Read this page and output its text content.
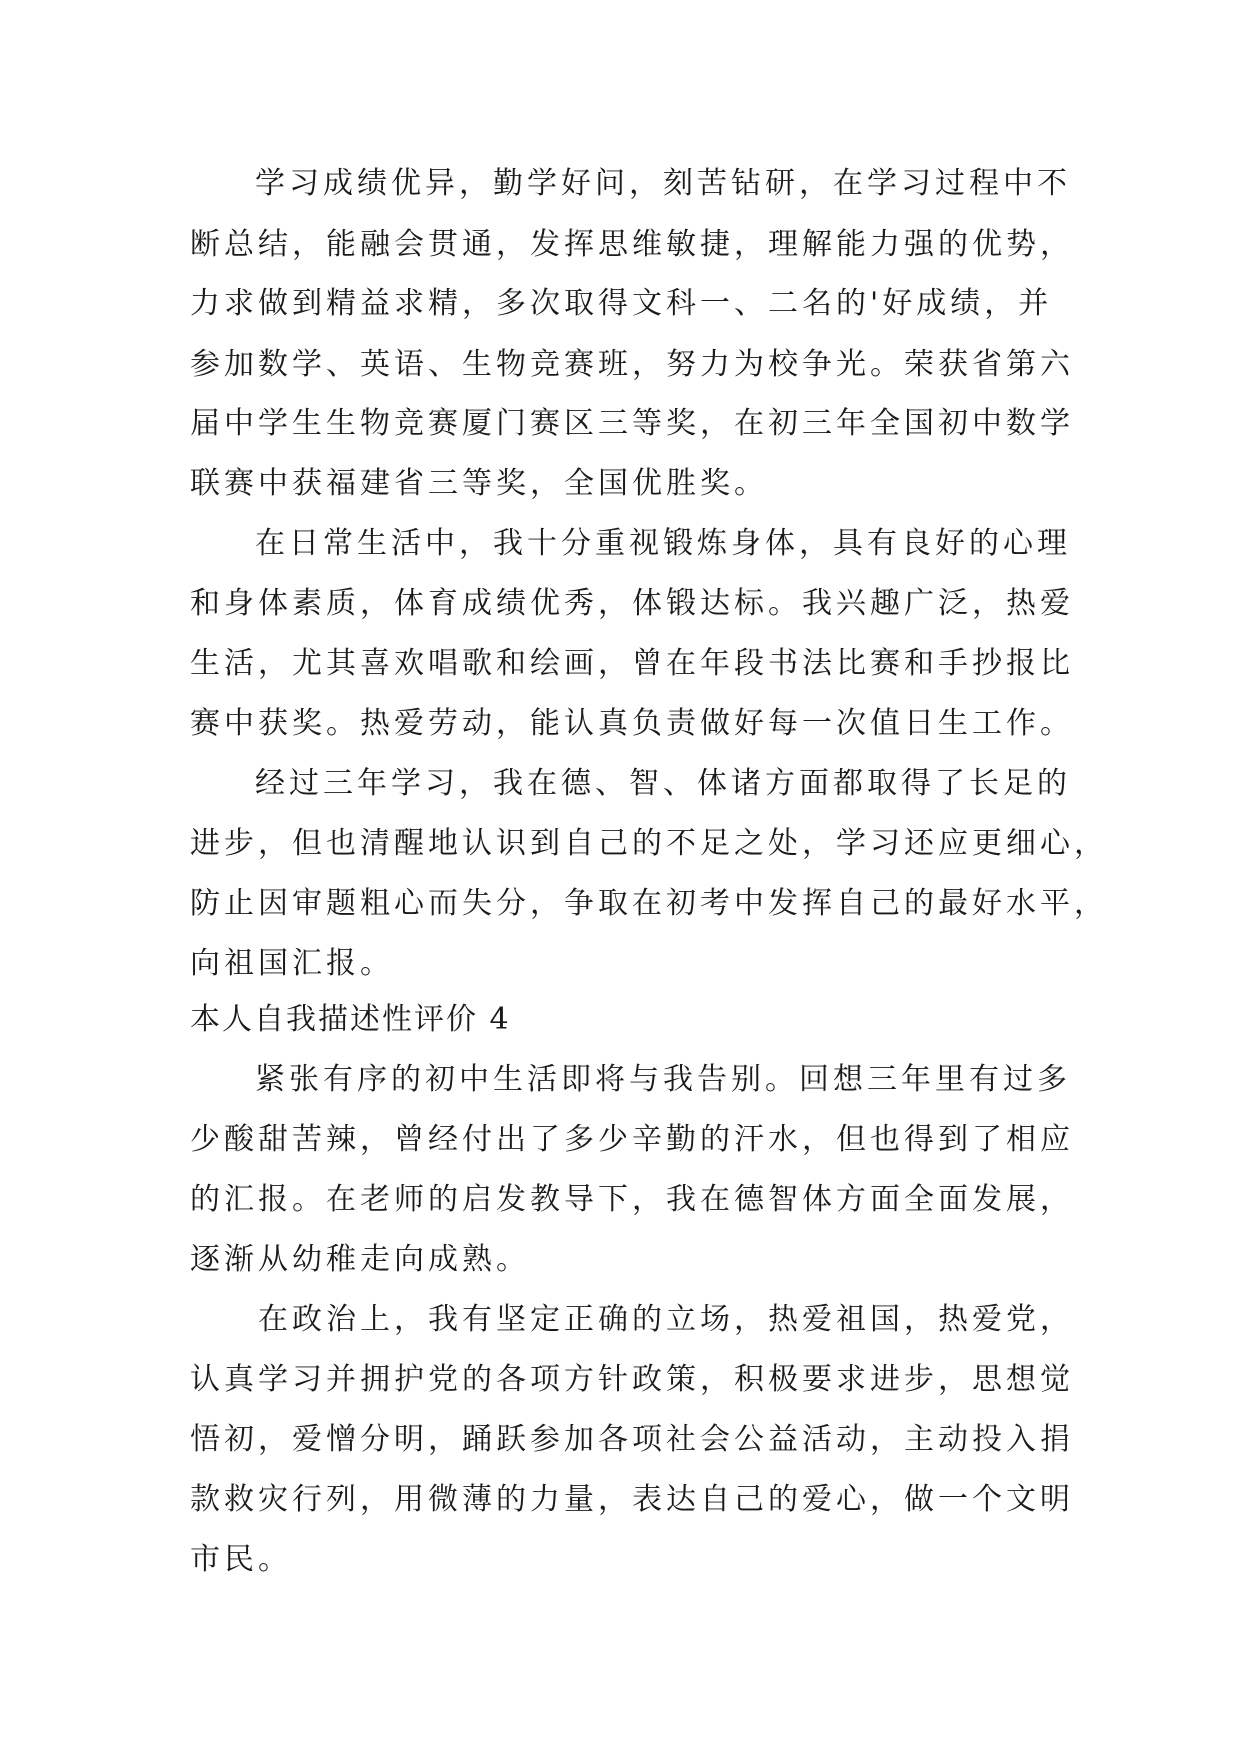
学习成绩优异，勤学好问，刻苦钻研，在学习过程中不
断总结，能融会贯通，发挥思维敏捷，理解能力强的优势，
力求做到精益求精，多次取得文科一、二名的'好成绩，并
参加数学、英语、生物竞赛班，努力为校争光。荣获省第六
届中学生生物竞赛厦门赛区三等奖，在初三年全国初中数学
联赛中获福建省三等奖，全国优胜奖。
在日常生活中，我十分重视锻炼身体，具有良好的心理
和身体素质，体育成绩优秀，体锻达标。我兴趣广泛，热爱
生活，尤其喜欢唱歌和绘画，曾在年段书法比赛和手抄报比
赛中获奖。热爱劳动，能认真负责做好每一次值日生工作。
经过三年学习，我在德、智、体诸方面都取得了长足的
进步，但也清醒地认识到自己的不足之处，学习还应更细心，
防止因审题粗心而失分，争取在初考中发挥自己的最好水平，
向祖国汇报。
本人自我描述性评价 4
紧张有序的初中生活即将与我告别。回想三年里有过多
少酸甜苦辣，曾经付出了多少辛勤的汗水，但也得到了相应
的汇报。在老师的启发教导下，我在德智体方面全面发展，
逐渐从幼稚走向成熟。
在政治上，我有坚定正确的立场，热爱祖国，热爱党，
认真学习并拥护党的各项方针政策，积极要求进步，思想觉
悟初，爱憎分明，踊跃参加各项社会公益活动，主动投入捐
款救灾行列，用微薄的力量，表达自己的爱心，做一个文明
市民。
